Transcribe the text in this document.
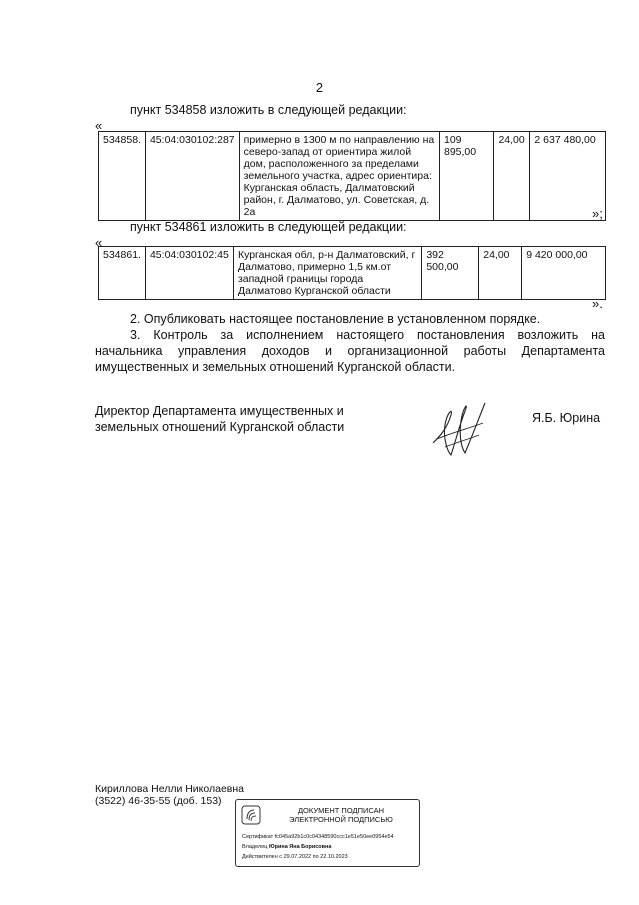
2
пункт 534858 изложить в следующей редакции:
«
534858.	45:04:030102:287	примерно в 1300 м по направлению на северо-запад от ориентира жилой дом, расположенного за пределами земельного участка, адрес ориентира: Курганская область, Далматовский район, г. Далматово, ул. Советская, д. 2а	109 895,00	24,00	2 637 480,00
»;
пункт 534861 изложить в следующей редакции:
«
534861.	45:04:030102:45	Курганская обл, р-н Далматовский, г Далматово, примерно 1,5 км.от западной границы города Далматово Курганской области	392 500,00	24,00	9 420 000,00
».

2. Опубликовать настоящее постановление в установленном порядке.

3. Контроль за исполнением настоящего постановления возложить на начальника управления доходов и организационной работы Департамента имущественных и земельных отношений Курганской области.

Директор Департамента имущественных и
земельных отношений Курганской области
Я.Б. Юрина
Кириллова Нелли Николаевна
(3522) 46-35-55 (доб. 153)
ДОКУМЕНТ ПОДПИСАН
ЭЛЕКТРОННОЙ ПОДПИСЬЮ
Сертификат fc045a92b1c0c04348590ccc1e51e50ee0954e54
Владелец Юрина Яна Борисовна
Действителен с 29.07.2022 по 22.10.2023
